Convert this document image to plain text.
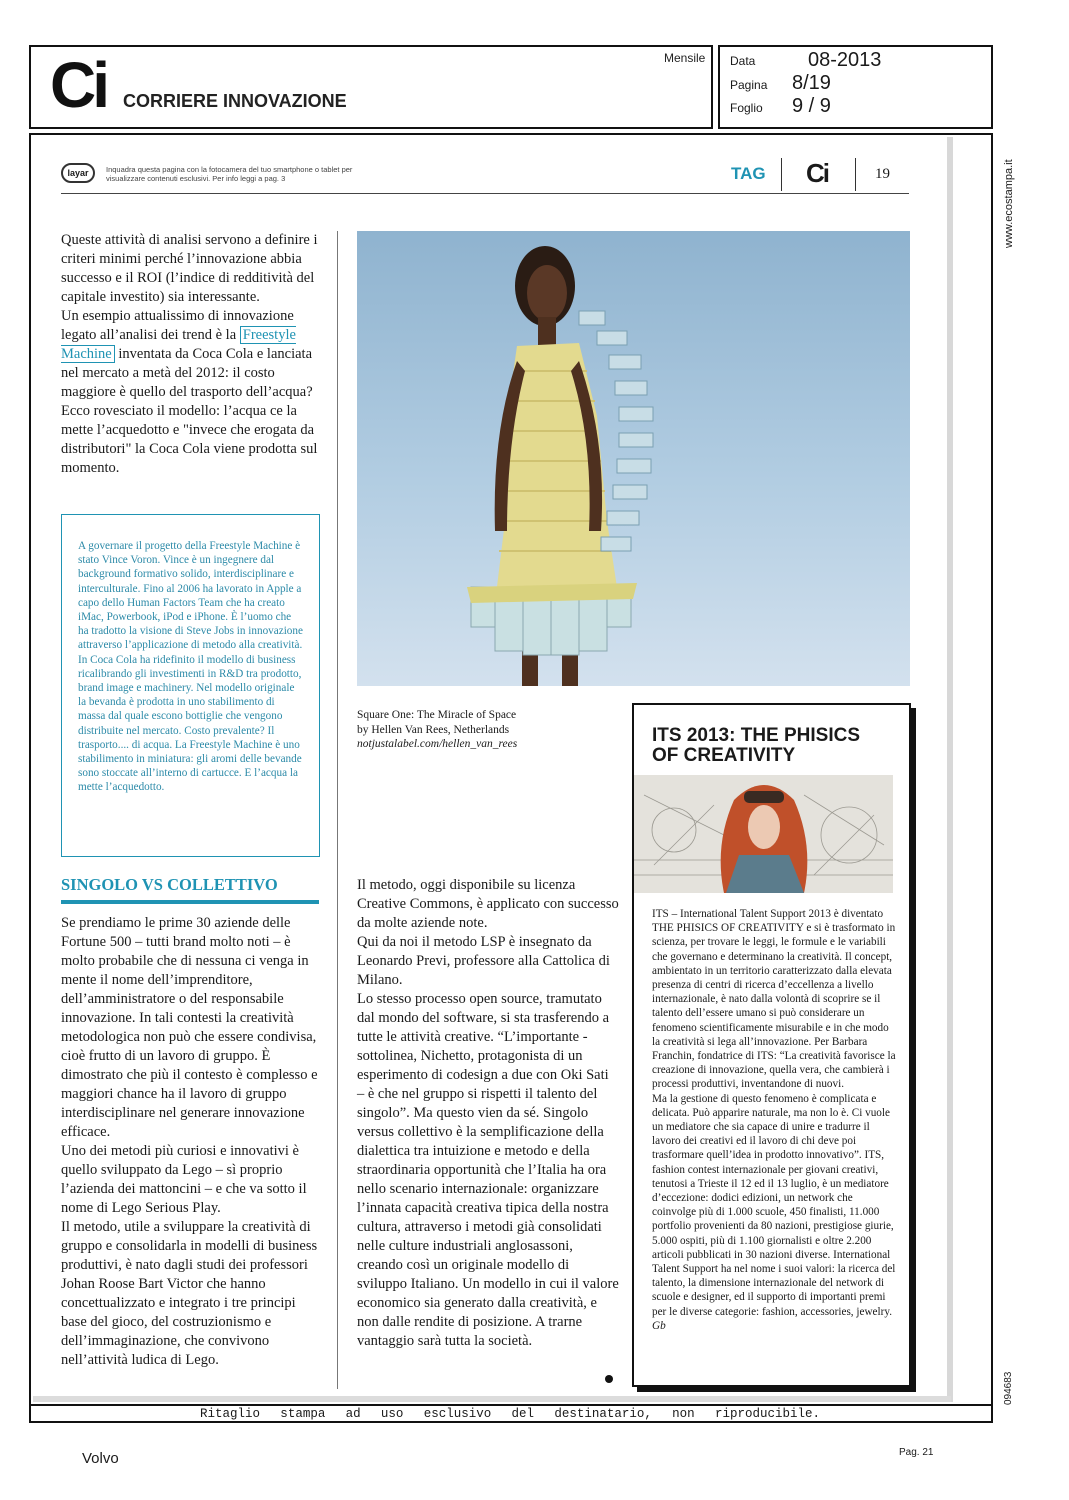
Ci CORRIERE INNOVAZIONE
Mensile Data	08-2013
Pagina 8/19
Foglio 9 / 9
www.ecostampa.it
094683
layar	Inquadra questa pagina con la fotocamera del tuo smartphone o tablet per visualizzare contenuti esclusivi. Per info leggi a pag. 3	TAG Ci	19
Queste attività di analisi servono a definire i criteri minimi perché l’innovazione abbia successo e il ROI (l’indice di redditività del capitale investito) sia interessante.
Un esempio attualissimo di innovazione legato all’analisi dei trend è la Freestyle Machine inventata da Coca Cola e lanciata nel mercato a metà del 2012: il costo maggiore è quello del trasporto dell’acqua? Ecco rovesciato il modello: l’acqua ce la mette l’acquedotto e "invece che erogata da distributori" la Coca Cola viene prodotta sul momento.
A governare il progetto della Freestyle Machine è stato Vince Voron. Vince è un ingegnere dal background formativo solido, interdisciplinare e interculturale. Fino al 2006 ha lavorato in Apple a capo dello Human Factors Team che ha creato iMac, Powerbook, iPod e iPhone. È l’uomo che ha tradotto la visione di Steve Jobs in innovazione attraverso l’applicazione di metodo alla creatività. In Coca Cola ha ridefinito il modello di business ricalibrando gli investimenti in R&D tra prodotto, brand image e machinery. Nel modello originale la bevanda è prodotta in uno stabilimento di massa dal quale escono bottiglie che vengono distribuite nel mercato. Costo prevalente? Il trasporto.... di acqua. La Freestyle Machine è uno stabilimento in miniatura: gli aromi delle bevande sono stoccate all’interno di cartucce. E l’acqua la mette l’acquedotto.
SINGOLO VS COLLETTIVO
Se prendiamo le prime 30 aziende delle Fortune 500 – tutti brand molto noti – è molto probabile che di nessuna ci venga in mente il nome dell’imprenditore, dell’amministratore o del responsabile innovazione. In tali contesti la creatività metodologica non può che essere condivisa, cioè frutto di un lavoro di gruppo. È dimostrato che più il contesto è complesso e maggiori chance ha il lavoro di gruppo interdisciplinare nel generare innovazione efficace.
Uno dei metodi più curiosi e innovativi è quello sviluppato da Lego – sì proprio l’azienda dei mattoncini – e che va sotto il nome di Lego Serious Play.
Il metodo, utile a sviluppare la creatività di gruppo e consolidarla in modelli di business produttivi, è nato dagli studi dei professori Johan Roose Bart Victor che hanno concettualizzato e integrato i tre principi base del gioco, del costruzionismo e dell’immaginazione, che convivono nell’attività ludica di Lego.
Square One: The Miracle of Space
by Hellen Van Rees, Netherlands
notjustalabel.com/hellen_van_rees
Il metodo, oggi disponibile su licenza Creative Commons, è applicato con successo da molte aziende note.
Qui da noi il metodo LSP è insegnato da Leonardo Previ, professore alla Cattolica di Milano.
Lo stesso processo open source, tramutato dal mondo del software, si sta trasferendo a tutte le attività creative. “L’importante - sottolinea, Nichetto, protagonista di un esperimento di codesign a due con Oki Sati – è che nel gruppo si rispetti il talento del singolo”. Ma questo vien da sé. Singolo versus collettivo è la semplificazione della dialettica tra intuizione e metodo e della straordinaria opportunità che l’Italia ha ora nello scenario internazionale: organizzare l’innata capacità creativa tipica della nostra cultura, attraverso i metodi già consolidati nelle culture industriali anglosassoni, creando così un originale modello di sviluppo Italiano. Un modello in cui il valore economico sia generato dalla creatività, e non dalle rendite di posizione. A trarne vantaggio sarà tutta la società.
ITS 2013: THE PHISICS
OF CREATIVITY
ITS – International Talent Support 2013 è diventato THE PHISICS OF CREATIVITY e si è trasformato in scienza, per trovare le leggi, le formule e le variabili che governano e determinano la creatività. Il concept, ambientato in un territorio caratterizzato dalla elevata presenza di centri di ricerca d’eccellenza a livello internazionale, è nato dalla volontà di scoprire se il talento dell’essere umano si può considerare un fenomeno scientificamente misurabile e in che modo la creatività si lega all’innovazione. Per Barbara Franchin, fondatrice di ITS: “La creatività favorisce la creazione di innovazione, quella vera, che cambierà i processi produttivi, inventandone di nuovi.
Ma la gestione di questo fenomeno è complicata e delicata. Può apparire naturale, ma non lo è. Ci vuole un mediatore che sia capace di unire e tradurre il lavoro dei creativi ed il lavoro di chi deve poi trasformare quell’idea in prodotto innovativo”. ITS, fashion contest internazionale per giovani creativi, tenutosi a Trieste il 12 ed il 13 luglio, è un mediatore d’eccezione: dodici edizioni, un network che coinvolge più di 1.000 scuole, 450 finalisti, 11.000 portfolio provenienti da 80 nazioni, prestigiose giurie, 5.000 ospiti, più di 1.100 giornalisti e oltre 2.200 articoli pubblicati in 30 nazioni diverse. International Talent Support ha nel nome i suoi valori: la ricerca del talento, la dimensione internazionale del network di scuole e designer, ed il supporto di importanti premi per le diverse categorie: fashion, accessories, jewelry. Gb
Ritaglio stampa ad uso esclusivo del destinatario, non riproducibile.
Volvo	Pag. 21
